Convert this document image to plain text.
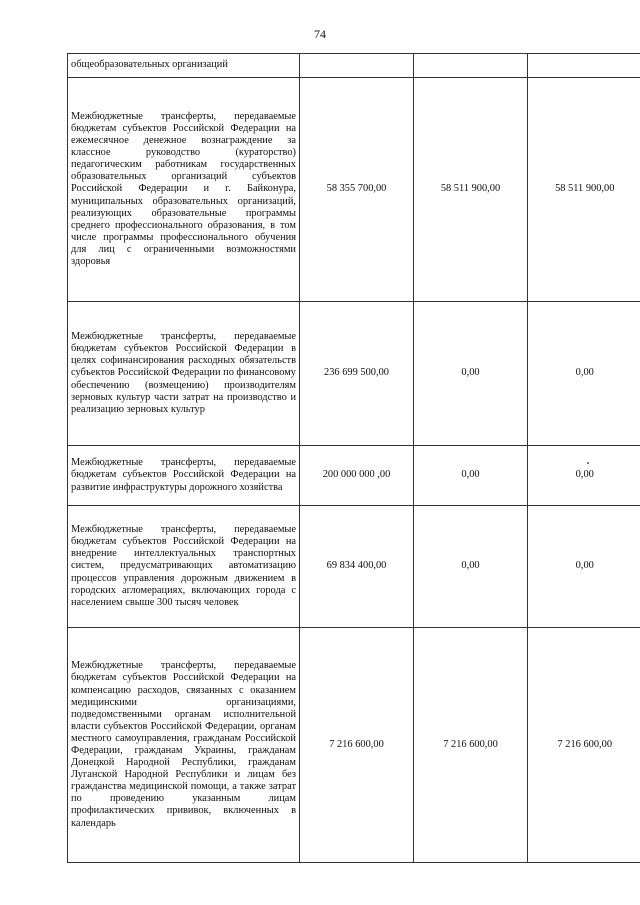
74
общеобразовательных организаций			
Межбюджетные трансферты, передаваемые бюджетам субъектов Российской Федерации на ежемесячное денежное вознаграждение за классное руководство (кураторство) педагогическим работникам государственных образовательных организаций субъектов Российской Федерации и г. Байконура, муниципальных образовательных организаций, реализующих образовательные программы среднего профессионального образования, в том числе программы профессионального обучения для лиц с ограниченными возможностями здоровья	58 355 700,00	58 511 900,00	58 511 900,00
Межбюджетные трансферты, передаваемые бюджетам субъектов Российской Федерации в целях софинансирования расходных обязательств субъектов Российской Федерации по финансовому обеспечению (возмещению) производителям зерновых культур части затрат на производство и реализацию зерновых культур	236 699 500,00	0,00	0,00
Межбюджетные трансферты, передаваемые бюджетам субъектов Российской Федерации на развитие инфраструктуры дорожного хозяйства	200 000 000 ,00	0,00	0,00
Межбюджетные трансферты, передаваемые бюджетам субъектов Российской Федерации на внедрение интеллектуальных транспортных систем, предусматривающих автоматизацию процессов управления дорожным движением в городских агломерациях, включающих города с населением свыше 300 тысяч человек	69 834 400,00	0,00	0,00
Межбюджетные трансферты, передаваемые бюджетам субъектов Российской Федерации на компенсацию расходов, связанных с оказанием медицинскими организациями, подведомственными органам исполнительной власти субъектов Российской Федерации, органам местного самоуправления, гражданам Российской Федерации, гражданам Украины, гражданам Донецкой Народной Республики, гражданам Луганской Народной Республики и лицам без гражданства медицинской помощи, а также затрат по проведению указанным лицам профилактических прививок, включенных в календарь	7 216 600,00	7 216 600,00	7 216 600,00
